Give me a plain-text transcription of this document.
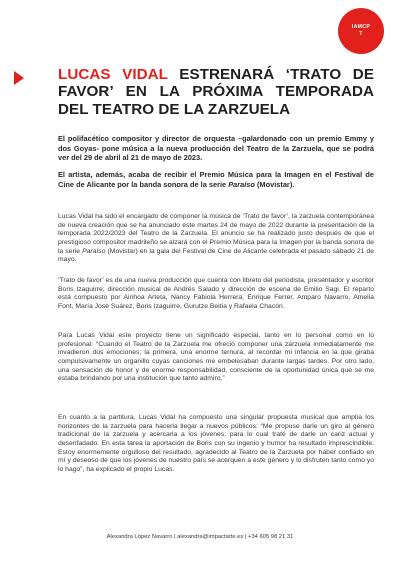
IAMCPT
LUCAS VIDAL ESTRENARÁ ‘TRATO DE FAVOR’ EN LA PRÓXIMA TEMPORADA DEL TEATRO DE LA ZARZUELA

El polifacético compositor y director de orquesta –galardonado con un premio Emmy y dos Goyas- pone música a la nueva producción del Teatro de la Zarzuela, que se podrá ver del 29 de abril al 21 de mayo de 2023.

El artista, además, acaba de recibir el Premio Música para la Imagen en el Festival de Cine de Alicante por la banda sonora de la serie Paraíso (Movistar).

Lucas Vidal ha sido el encargado de componer la música de ‘Trato de favor’, la zarzuela contemporánea de nueva creación que se ha anunciado este martes 24 de mayo de 2022 durante la presentación de la temporada 2022/2023 del Teatro de la Zarzuela. El anuncio se ha realizado justo después de que el prestigioso compositor madrileño se alzará con el Premio Música para la Imagen por la banda sonora de la serie Paraíso (Movistar) en la gala del Festival de Cine de Alicante celebrada el pasado sábado 21 de mayo.

‘Trato de favor’ es de una nueva producción que cuenta con libreto del periodista, presentador y escritor Boris Izaguirre; dirección musical de Andrés Salado y dirección de escena de Emilio Sagi. El reparto está compuesto por Ainhoa Arteta, Nancy Fabiola Herrera, Enrique Ferrer, Amparo Navarro, Amelia Font, María José Suárez, Boris Izaguirre, Gurutze Beitia y Rafaela Chacón.

Para Lucas Vidal este proyecto tiene un significado especial, tanto en lo personal como en lo profesional: “Cuando el Teatro de la Zarzuela me ofreció componer una zarzuela inmediatamente me invadieron dos emociones; la primera, una enorme ternura, al recordar mi infancia en la que giraba compulsivamente un organillo cuyas canciones me embelesaban durante largas tardes. Por otro lado, una sensación de honor y de enorme responsabilidad, consciente de la oportunidad única que se me estaba brindando por una institución que tanto admiro.”

En cuanto a la partitura, Lucas Vidal ha compuesto una singular propuesta musical que amplía los horizontes de la zarzuela para hacerla llegar a nuevos públicos: “Me propuse darle un giro al género tradicional de la zarzuela y acercarla a los jóvenes; para lo cual traté de darle un cariz actual y desenfadado. En esta tarea la aportación de Boris con su ingenio y humor ha resultado imprescindible. Estoy enormemente orgulloso del resultado, agradecido al Teatro de la Zarzuela por haber confiado en mí y deseoso de que los jóvenes de nuestro país se acerquen a este género y lo disfruten tanto como yo lo hago”, ha explicado el propio Lucas.

Alexandra López Navarro | alexandra@impactarte.es | +34 605 98 21 31
